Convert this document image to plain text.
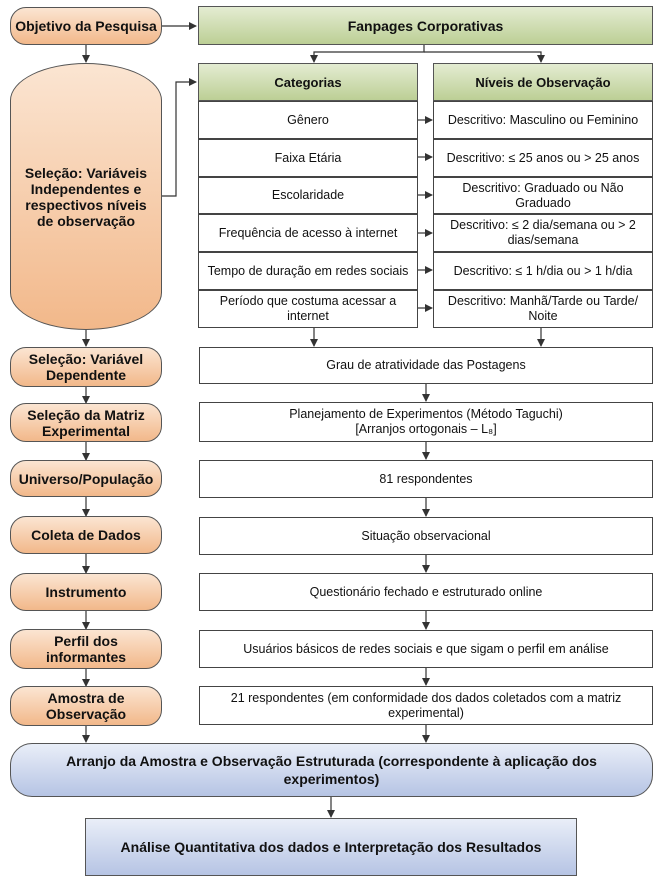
Objetivo da Pesquisa
Seleção: Variáveis Independentes e respectivos níveis de observação
Seleção: Variável Dependente
Seleção da Matriz Experimental
Universo/População
Coleta de Dados
Instrumento
Perfil dos informantes
Amostra de Observação
Fanpages Corporativas
Categorias	Níveis de Observação
Gênero
Faixa Etária
Escolaridade
Frequência de acesso à internet
Tempo de duração em redes sociais
Período que costuma acessar a internet
Descritivo: Masculino ou Feminino
Descritivo: ≤ 25 anos ou > 25 anos
Descritivo: Graduado ou Não Graduado
Descritivo: ≤ 2 dia/semana ou > 2 dias/semana
Descritivo: ≤ 1 h/dia ou > 1 h/dia
Descritivo: Manhã/Tarde ou Tarde/ Noite
Grau de atratividade das Postagens
Planejamento de Experimentos (Método Taguchi)
[Arranjos ortogonais – L₈]
81 respondentes
Situação observacional
Questionário fechado e estruturado online
Usuários básicos de redes sociais e que sigam o perfil em análise
21 respondentes (em conformidade dos dados coletados com a matriz experimental)
Arranjo da Amostra e Observação Estruturada (correspondente à aplicação dos experimentos)
Análise Quantitativa dos dados e Interpretação dos Resultados
